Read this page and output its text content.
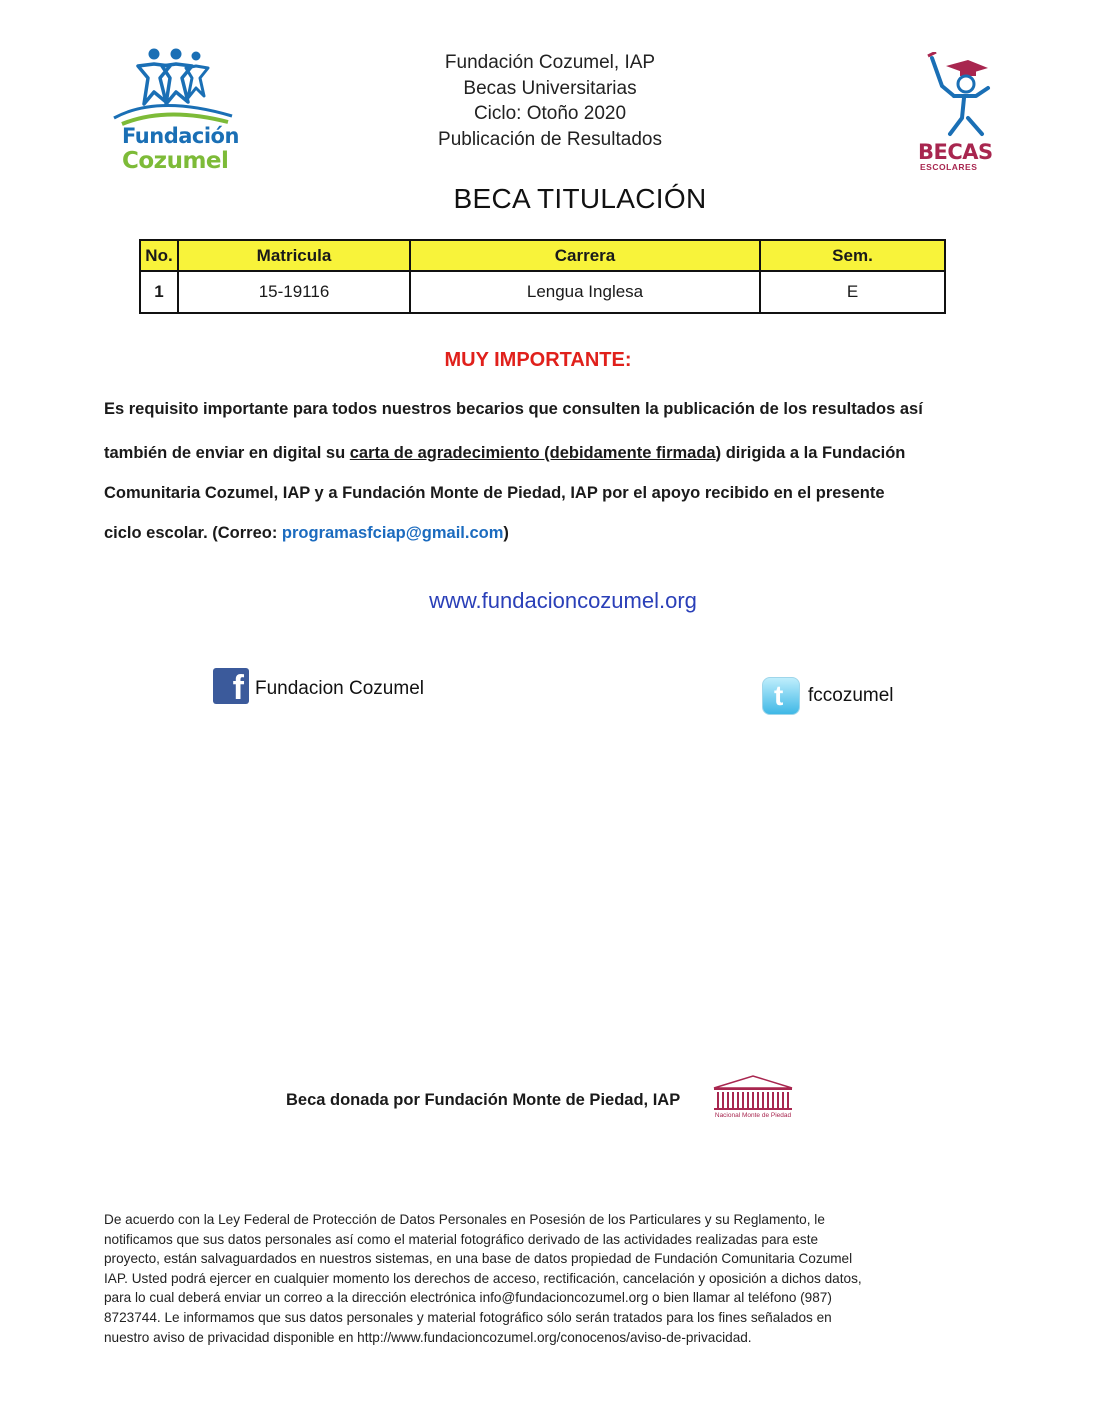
Fundación
Cozumel
Fundación Cozumel, IAP
Becas Universitarias
Ciclo: Otoño 2020
Publicación de Resultados
BECAS
ESCOLARES
BECA TITULACIÓN
No.	Matricula	Carrera	Sem.
1	15-19116	Lengua Inglesa	E
MUY IMPORTANTE:
Es requisito importante para todos nuestros becarios que consulten la publicación de los resultados así
también de enviar en digital su carta de agradecimiento (debidamente firmada) dirigida a la Fundación
Comunitaria Cozumel, IAP y a Fundación Monte de Piedad, IAP por el apoyo recibido en el presente
ciclo escolar. (Correo: programasfciap@gmail.com)
www.fundacioncozumel.org
f Fundacion Cozumel	t fccozumel
Beca donada por Fundación Monte de Piedad, IAP
Nacional Monte de Piedad
De acuerdo con la Ley Federal de Protección de Datos Personales en Posesión de los Particulares y su Reglamento, le
notificamos que sus datos personales así como el material fotográfico derivado de las actividades realizadas para este
proyecto, están salvaguardados en nuestros sistemas, en una base de datos propiedad de Fundación Comunitaria Cozumel
IAP. Usted podrá ejercer en cualquier momento los derechos de acceso, rectificación, cancelación y oposición a dichos datos,
para lo cual deberá enviar un correo a la dirección electrónica info@fundacioncozumel.org o bien llamar al teléfono (987)
8723744. Le informamos que sus datos personales y material fotográfico sólo serán tratados para los fines señalados en
nuestro aviso de privacidad disponible en http://www.fundacioncozumel.org/conocenos/aviso-de-privacidad.
